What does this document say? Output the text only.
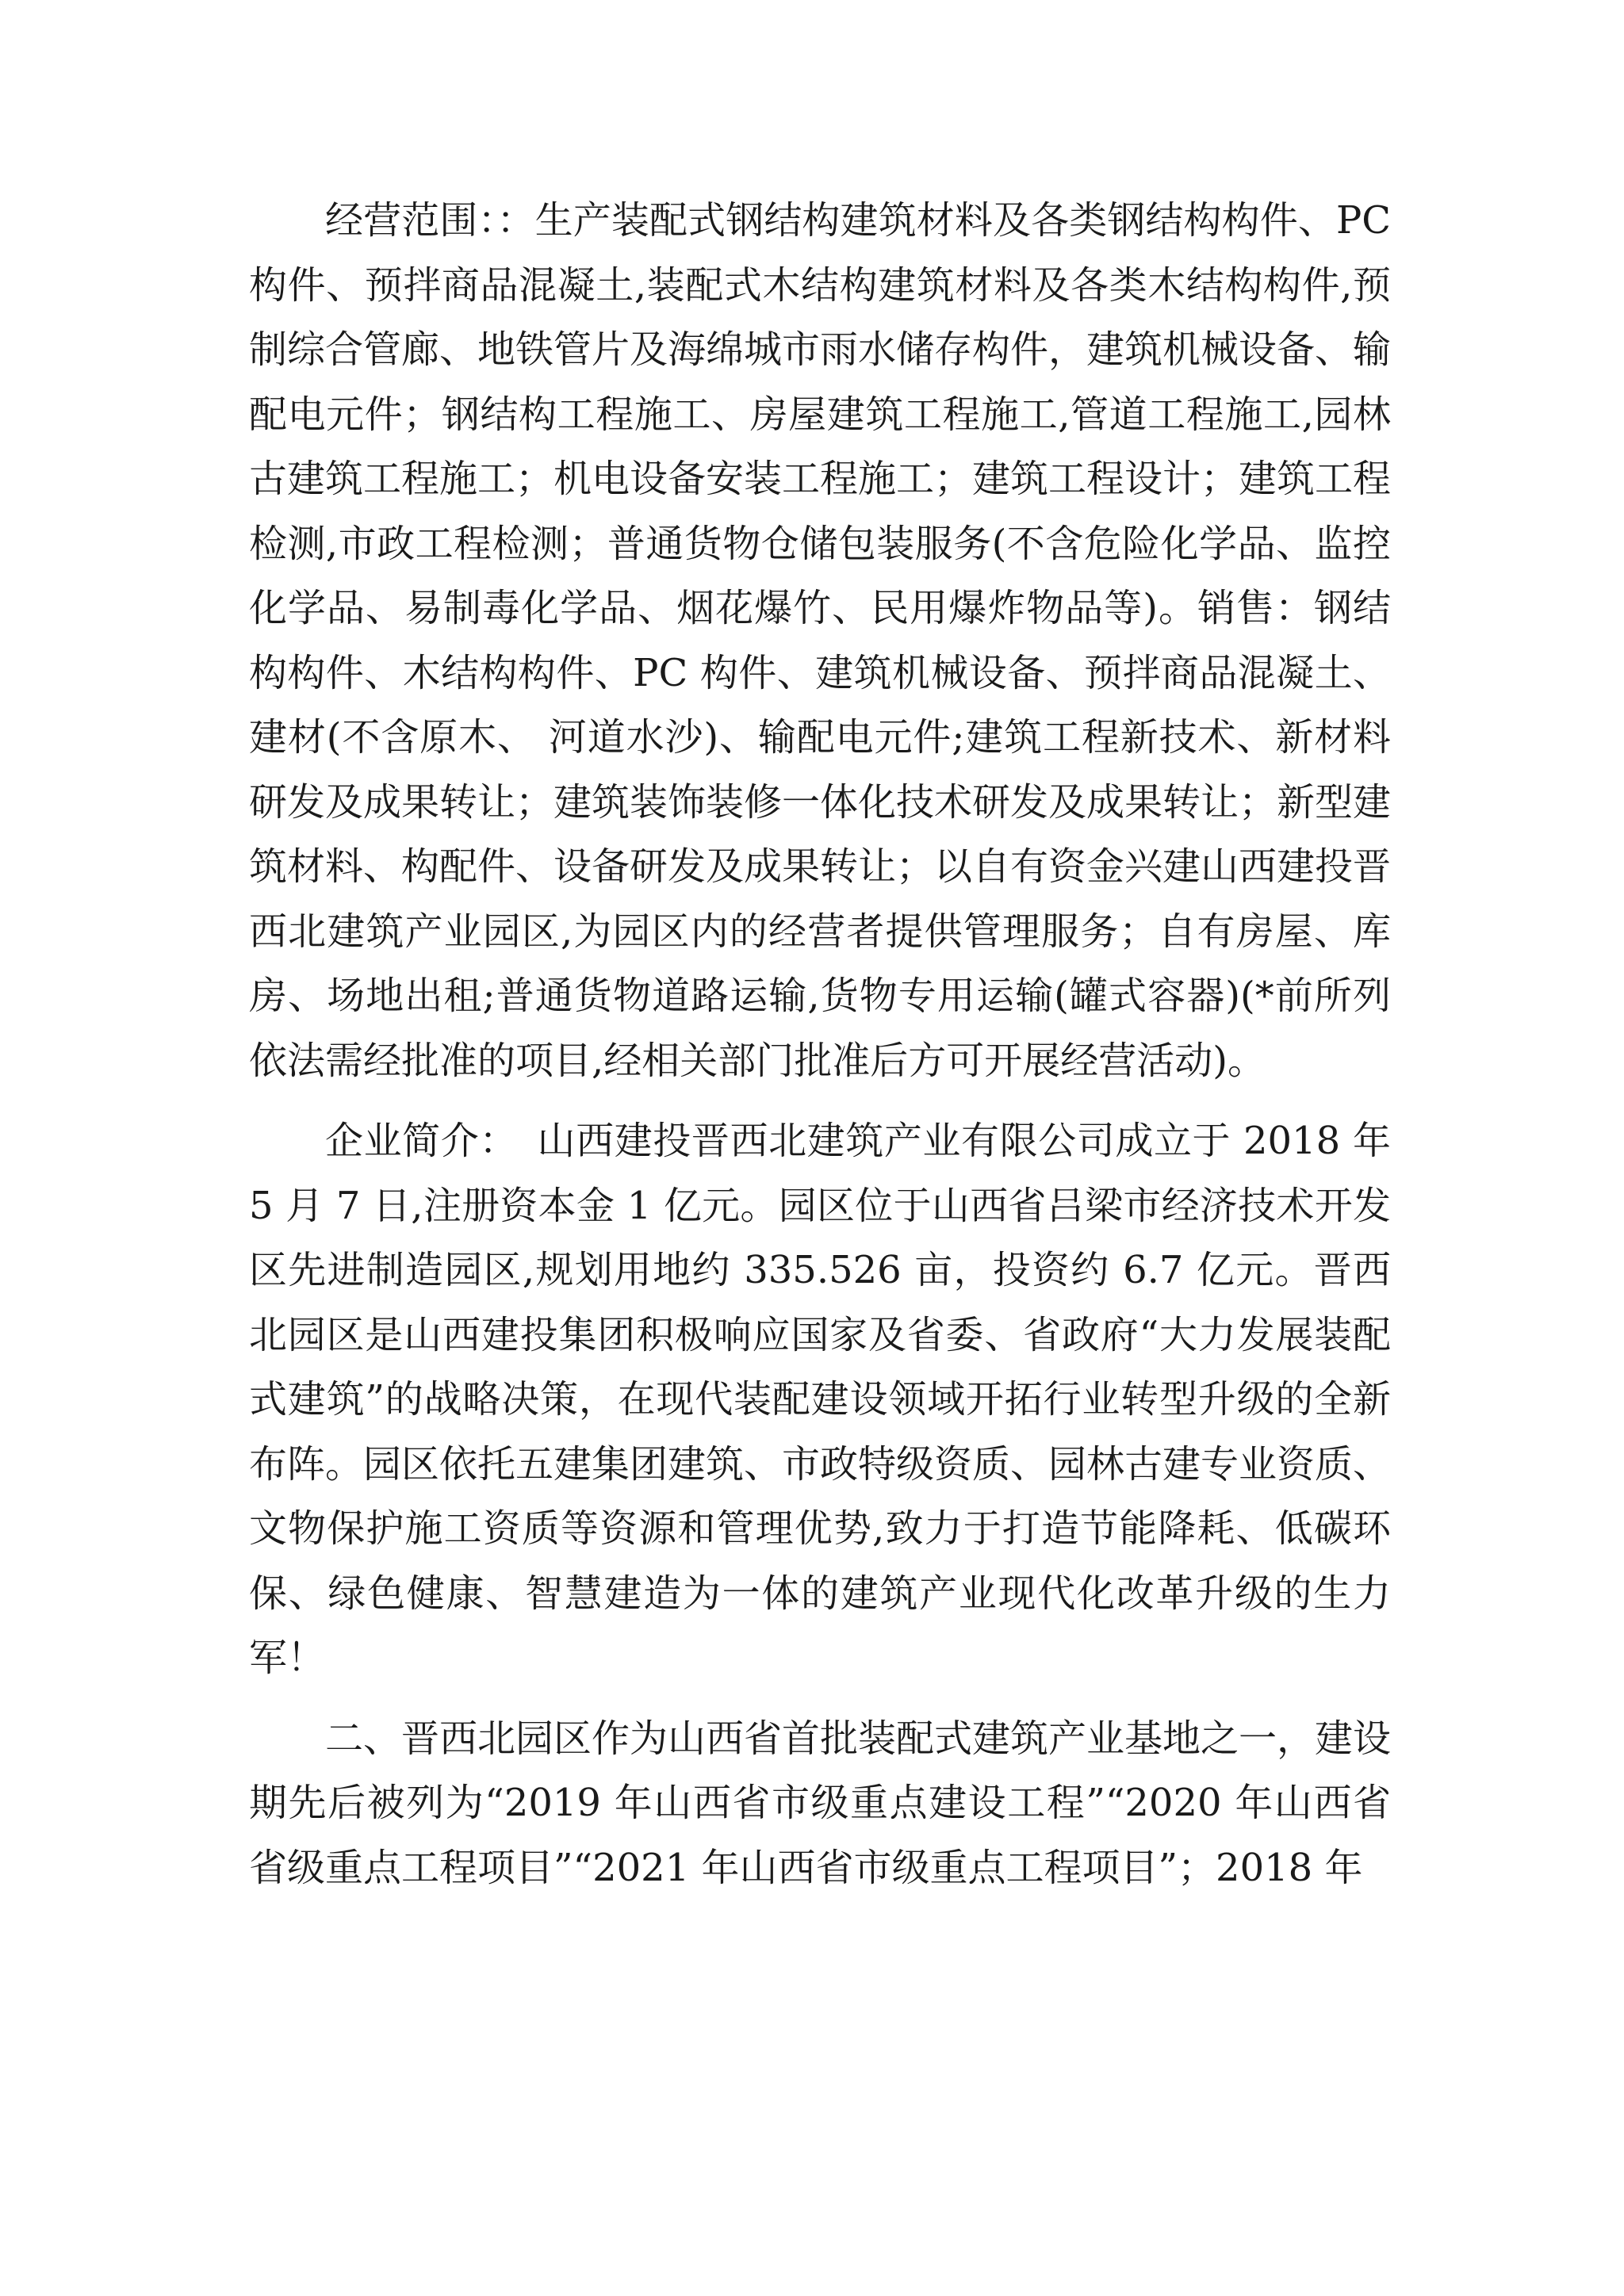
经营范围：：生产装配式钢结构建筑材料及各类钢结构构件、PC构件、预拌商品混凝土,装配式木结构建筑材料及各类木结构构件,预制综合管廊、地铁管片及海绵城市雨水储存构件，建筑机械设备、输配电元件；钢结构工程施工、房屋建筑工程施工,管道工程施工,园林古建筑工程施工；机电设备安装工程施工；建筑工程设计；建筑工程检测,市政工程检测；普通货物仓储包装服务(不含危险化学品、监控化学品、易制毒化学品、烟花爆竹、民用爆炸物品等)。销售：钢结构构件、木结构构件、PC 构件、建筑机械设备、预拌商品混凝土、建材(不含原木、 河道水沙)、输配电元件;建筑工程新技术、新材料研发及成果转让；建筑装饰装修一体化技术研发及成果转让；新型建筑材料、构配件、设备研发及成果转让；以自有资金兴建山西建投晋西北建筑产业园区,为园区内的经营者提供管理服务；自有房屋、库房、场地出租;普通货物道路运输,货物专用运输(罐式容器)(*前所列依法需经批准的项目,经相关部门批准后方可开展经营活动)。

企业简介：　山西建投晋西北建筑产业有限公司成立于 2018 年 5 月 7 日,注册资本金 1 亿元。园区位于山西省吕梁市经济技术开发区先进制造园区,规划用地约 335.526 亩，投资约 6.7 亿元。晋西北园区是山西建投集团积极响应国家及省委、省政府“大力发展装配式建筑”的战略决策，在现代装配建设领域开拓行业转型升级的全新布阵。园区依托五建集团建筑、市政特级资质、园林古建专业资质、文物保护施工资质等资源和管理优势,致力于打造节能降耗、低碳环保、绿色健康、智慧建造为一体的建筑产业现代化改革升级的生力军！

二、晋西北园区作为山西省首批装配式建筑产业基地之一，建设期先后被列为“2019 年山西省市级重点建设工程”“2020 年山西省省级重点工程项目”“2021 年山西省市级重点工程项目”；2018 年
